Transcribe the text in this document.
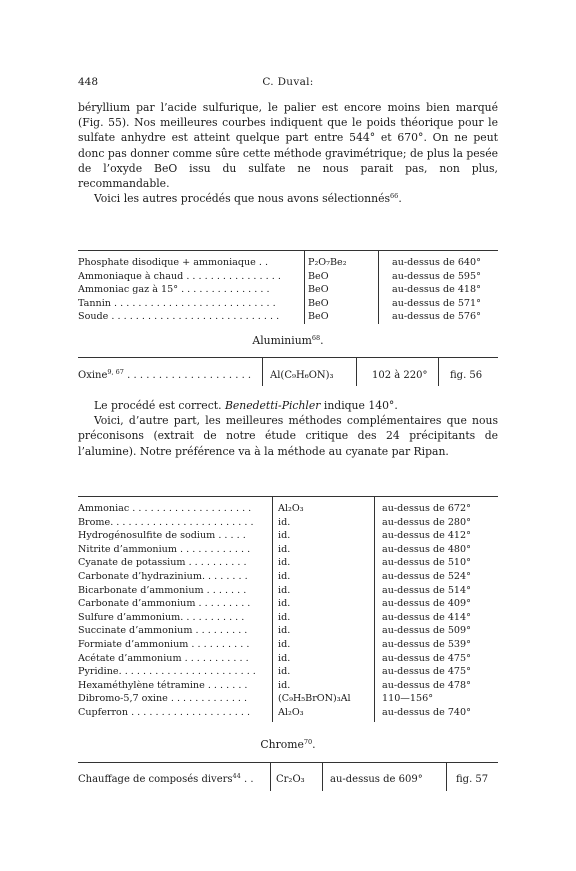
448	C. Duval:

béryllium par l’acide sulfurique, le palier est encore moins bien marqué (Fig. 55). Nos meilleures courbes indiquent que le poids théorique pour le sulfate anhydre est atteint quelque part entre 544° et 670°. On ne peut donc pas donner comme sûre cette méthode gravimétrique; de plus la pesée de l’oxyde BeO issu du sulfate ne nous parait pas, non plus, recommandable.

Voici les autres procédés que nous avons sélectionnés$^{66}$.

Phosphate disodique + ammoniaque . .	P₂O₇Be₂	au-dessus de 640°
Ammoniaque à chaud . . . . . . . . . . . . . . . .	BeO	au-dessus de 595°
Ammoniac gaz à 15° . . . . . . . . . . . . . . .	BeO	au-dessus de 418°
Tannin . . . . . . . . . . . . . . . . . . . . . . . . . . .	BeO	au-dessus de 571°
Soude . . . . . . . . . . . . . . . . . . . . . . . . . . . .	BeO	au-dessus de 576°
Aluminium$^{68}$.
Oxine$^{9, 67}$ . . . . . . . . . . . . . . . . . . . . Al(C₉H₆ON)₃	102 à 220° fig. 56

Le procédé est correct. Benedetti-Pichler indique 140°.

Voici, d’autre part, les meilleures méthodes complémentaires que nous préconisons (extrait de notre étude critique des 24 précipitants de l’alumine). Notre préférence va à la méthode au cyanate par Ripan.

Ammoniac . . . . . . . . . . . . . . . . . . . .	Al₂O₃	au-dessus de 672°
Brome. . . . . . . . . . . . . . . . . . . . . . . .	id.	au-dessus de 280°
Hydrogénosulfite de sodium . . . . .	id.	au-dessus de 412°
Nitrite d’ammonium . . . . . . . . . . . .	id.	au-dessus de 480°
Cyanate de potassium . . . . . . . . . .	id.	au-dessus de 510°
Carbonate d’hydrazinium. . . . . . . .	id.	au-dessus de 524°
Bicarbonate d’ammonium . . . . . . .	id.	au-dessus de 514°
Carbonate d’ammonium . . . . . . . . .	id.	au-dessus de 409°
Sulfure d’ammonium. . . . . . . . . . .	id.	au-dessus de 414°
Succinate d’ammonium . . . . . . . . .	id.	au-dessus de 509°
Formiate d’ammonium . . . . . . . . . .	id.	au-dessus de 539°
Acétate d’ammonium . . . . . . . . . . .	id.	au-dessus de 475°
Pyridine. . . . . . . . . . . . . . . . . . . . . . .	id.	au-dessus de 475°
Hexaméthylène tétramine . . . . . . .	id.	au-dessus de 478°
Dibromo-5,7 oxine . . . . . . . . . . . . .	(C₉H₅BrON)₃Al	110—156°
Cupferron . . . . . . . . . . . . . . . . . . . .	Al₂O₃	au-dessus de 740°
Chrome$^{70}$.
Chauffage de composés divers$^{44}$ . . Cr₂O₃	au-dessus de 609°	fig. 57
